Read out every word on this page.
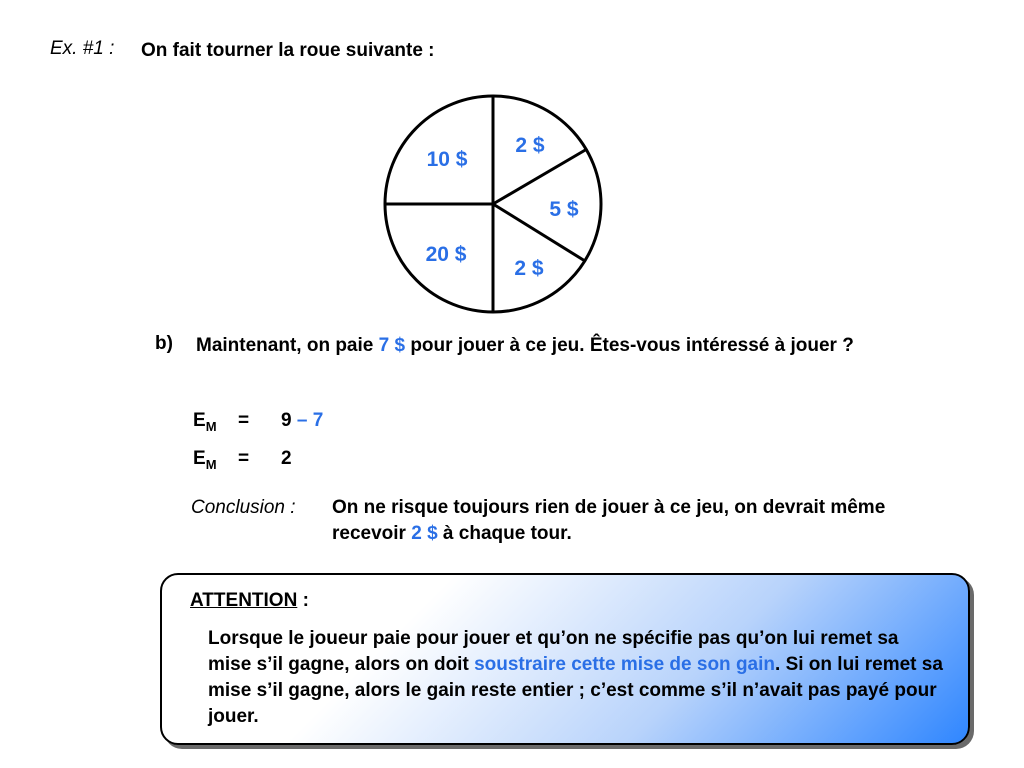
Ex. #1 : On fait tourner la roue suivante :
10 $
2 $
5 $
2 $
20 $
b) Maintenant, on paie 7 $ pour jouer à ce jeu. Êtes-vous intéressé à jouer ?
$E_M = 9 - 7$
$E_M = 2$
Conclusion : On ne risque toujours rien de jouer à ce jeu, on devrait même recevoir 2 $ à chaque tour.
ATTENTION :
Lorsque le joueur paie pour jouer et qu’on ne spécifie pas qu’on lui remet sa mise s’il gagne, alors on doit soustraire cette mise de son gain. Si on lui remet sa mise s’il gagne, alors le gain reste entier ; c’est comme s’il n’avait pas payé pour jouer.
